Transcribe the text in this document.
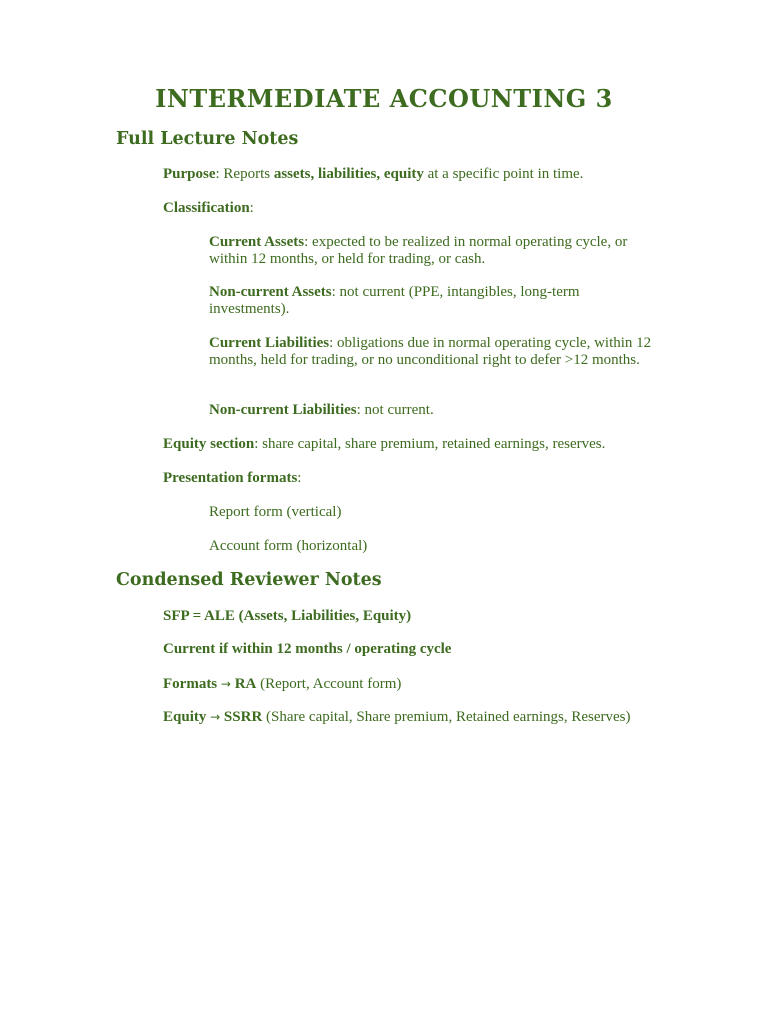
INTERMEDIATE ACCOUNTING 3
Full Lecture Notes
Purpose: Reports assets, liabilities, equity at a specific point in time.
Classification:
Current Assets: expected to be realized in normal operating cycle, or within 12 months, or held for trading, or cash.
Non-current Assets: not current (PPE, intangibles, long-term investments).
Current Liabilities: obligations due in normal operating cycle, within 12 months, held for trading, or no unconditional right to defer >12 months.
Non-current Liabilities: not current.
Equity section: share capital, share premium, retained earnings, reserves.
Presentation formats:
Report form (vertical)
Account form (horizontal)
Condensed Reviewer Notes
SFP = ALE (Assets, Liabilities, Equity)
Current if within 12 months / operating cycle
Formats → RA (Report, Account form)
Equity → SSRR (Share capital, Share premium, Retained earnings, Reserves)
